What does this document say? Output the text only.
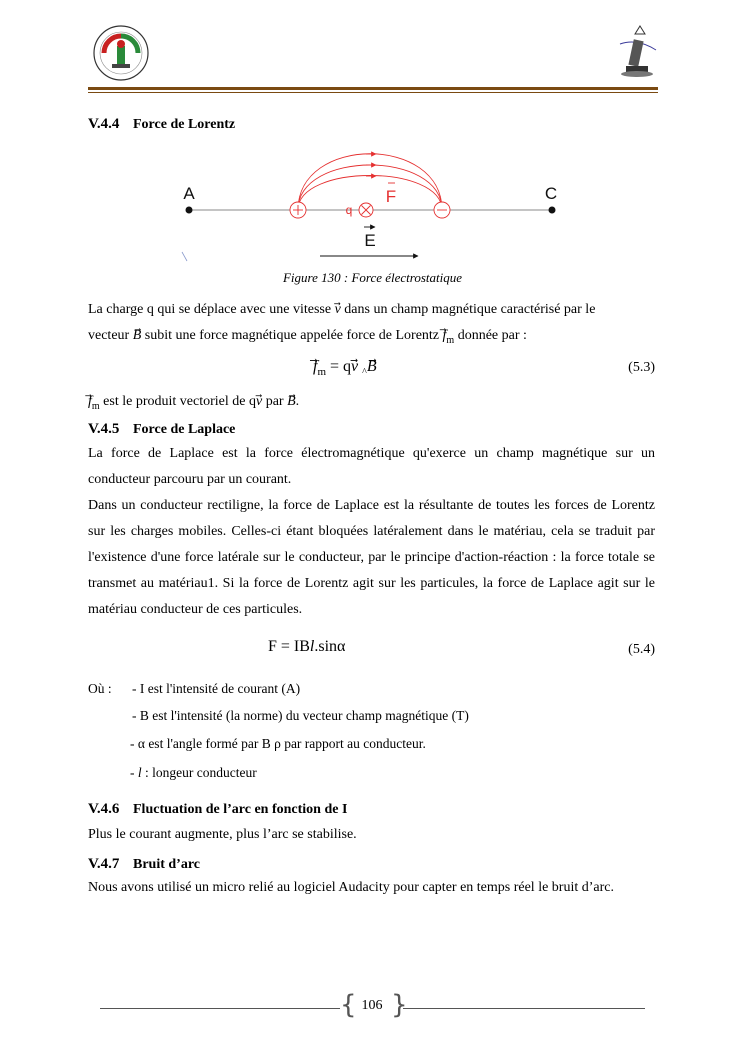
V.4.4 Force de Lorentz
A	C
q
F
E
Figure 130 : Force électrostatique
La charge q qui se déplace avec une vitesse v dans un champ magnétique caractérisé par le
vecteur B subit une force magnétique appelée force de Lorentz $f_m$ donnée par :
$f_m$ = qv⃗ $_{\^{}}$B	(5.3)
$f_m$ est le produit vectoriel de qv par B.
V.4.5 Force de Laplace
La force de Laplace est la force électromagnétique qu'exerce un champ magnétique sur un conducteur parcouru par un courant.
Dans un conducteur rectiligne, la force de Laplace est la résultante de toutes les forces de Lorentz sur les charges mobiles. Celles-ci étant bloquées latéralement dans le matériau, cela se traduit par l'existence d'une force latérale sur le conducteur, par le principe d'action-réaction : la force totale se transmet au matériau1. Si la force de Lorentz agit sur les particules, la force de Laplace agit sur le matériau conducteur de ces particules.
F = IBl.sinα	(5.4)
Où : - I est l'intensité de courant (A)
- B est l'intensité (la norme) du vecteur champ magnétique (T)
- α est l'angle formé par B ρ par rapport au conducteur.
- l : longeur conducteur
V.4.6 Fluctuation de l’arc en fonction de I
Plus le courant augmente, plus l’arc se stabilise.
V.4.7 Bruit d’arc
Nous avons utilisé un micro relié au logiciel Audacity pour capter en temps réel le bruit d’arc.
{ }
106
